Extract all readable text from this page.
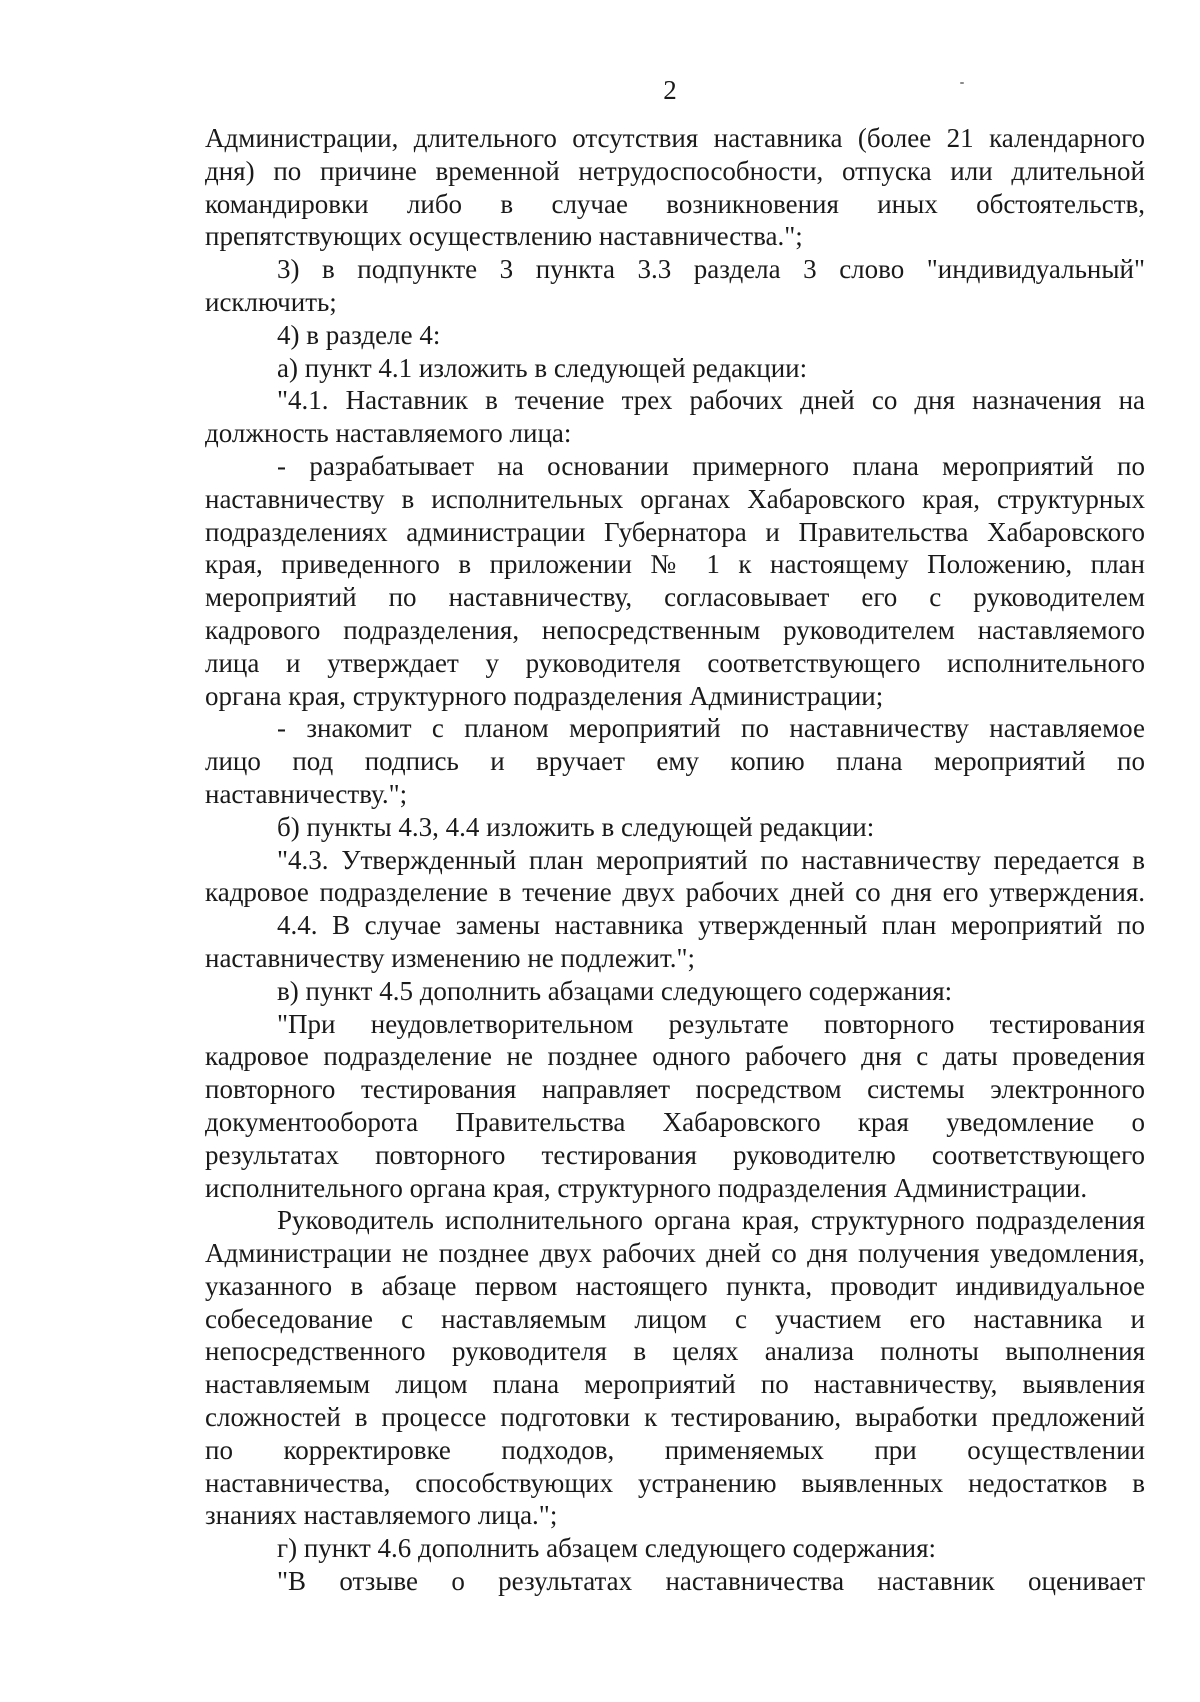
2
Администрации, длительного отсутствия наставника (более 21 календарного
дня) по причине временной нетрудоспособности, отпуска или длительной
командировки либо в случае возникновения иных обстоятельств,
препятствующих осуществлению наставничества.";
3) в подпункте 3 пункта 3.3 раздела 3 слово "индивидуальный"
исключить;
4) в разделе 4:
а) пункт 4.1 изложить в следующей редакции:
"4.1. Наставник в течение трех рабочих дней со дня назначения на
должность наставляемого лица:
- разрабатывает на основании примерного плана мероприятий по
наставничеству в исполнительных органах Хабаровского края, структурных
подразделениях администрации Губернатора и Правительства Хабаровского
края, приведенного в приложении № 1 к настоящему Положению, план
мероприятий по наставничеству, согласовывает его с руководителем
кадрового подразделения, непосредственным руководителем наставляемого
лица и утверждает у руководителя соответствующего исполнительного
органа края, структурного подразделения Администрации;
- знакомит с планом мероприятий по наставничеству наставляемое
лицо под подпись и вручает ему копию плана мероприятий по
наставничеству.";
б) пункты 4.3, 4.4 изложить в следующей редакции:
"4.3. Утвержденный план мероприятий по наставничеству передается в
кадровое подразделение в течение двух рабочих дней со дня его утверждения.
4.4. В случае замены наставника утвержденный план мероприятий по
наставничеству изменению не подлежит.";
в) пункт 4.5 дополнить абзацами следующего содержания:
"При неудовлетворительном результате повторного тестирования
кадровое подразделение не позднее одного рабочего дня с даты проведения
повторного тестирования направляет посредством системы электронного
документооборота Правительства Хабаровского края уведомление о
результатах повторного тестирования руководителю соответствующего
исполнительного органа края, структурного подразделения Администрации.
Руководитель исполнительного органа края, структурного подразделения
Администрации не позднее двух рабочих дней со дня получения уведомления,
указанного в абзаце первом настоящего пункта, проводит индивидуальное
собеседование с наставляемым лицом с участием его наставника и
непосредственного руководителя в целях анализа полноты выполнения
наставляемым лицом плана мероприятий по наставничеству, выявления
сложностей в процессе подготовки к тестированию, выработки предложений
по корректировке подходов, применяемых при осуществлении
наставничества, способствующих устранению выявленных недостатков в
знаниях наставляемого лица.";
г) пункт 4.6 дополнить абзацем следующего содержания:
"В отзыве о результатах наставничества наставник оценивает
